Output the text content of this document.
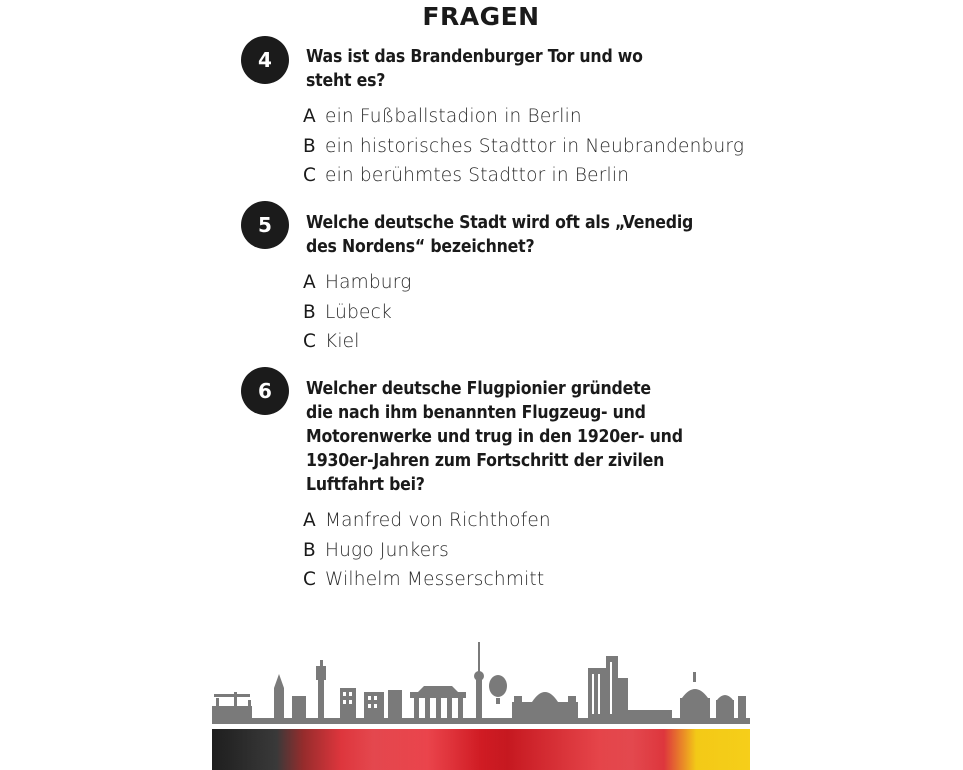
FRAGEN
4	Was ist das Brandenburger Tor und wo
steht es?
A ein Fußballstadion in Berlin
B ein historisches Stadttor in Neubrandenburg
C ein berühmtes Stadttor in Berlin
5	Welche deutsche Stadt wird oft als „Venedig
des Nordens“ bezeichnet?
A Hamburg
B Lübeck
C Kiel
6	Welcher deutsche Flugpionier gründete
die nach ihm benannten Flugzeug- und
Motorenwerke und trug in den 1920er- und
1930er-Jahren zum Fortschritt der zivilen
Luftfahrt bei?
A Manfred von Richthofen
B Hugo Junkers
C Wilhelm Messerschmitt
